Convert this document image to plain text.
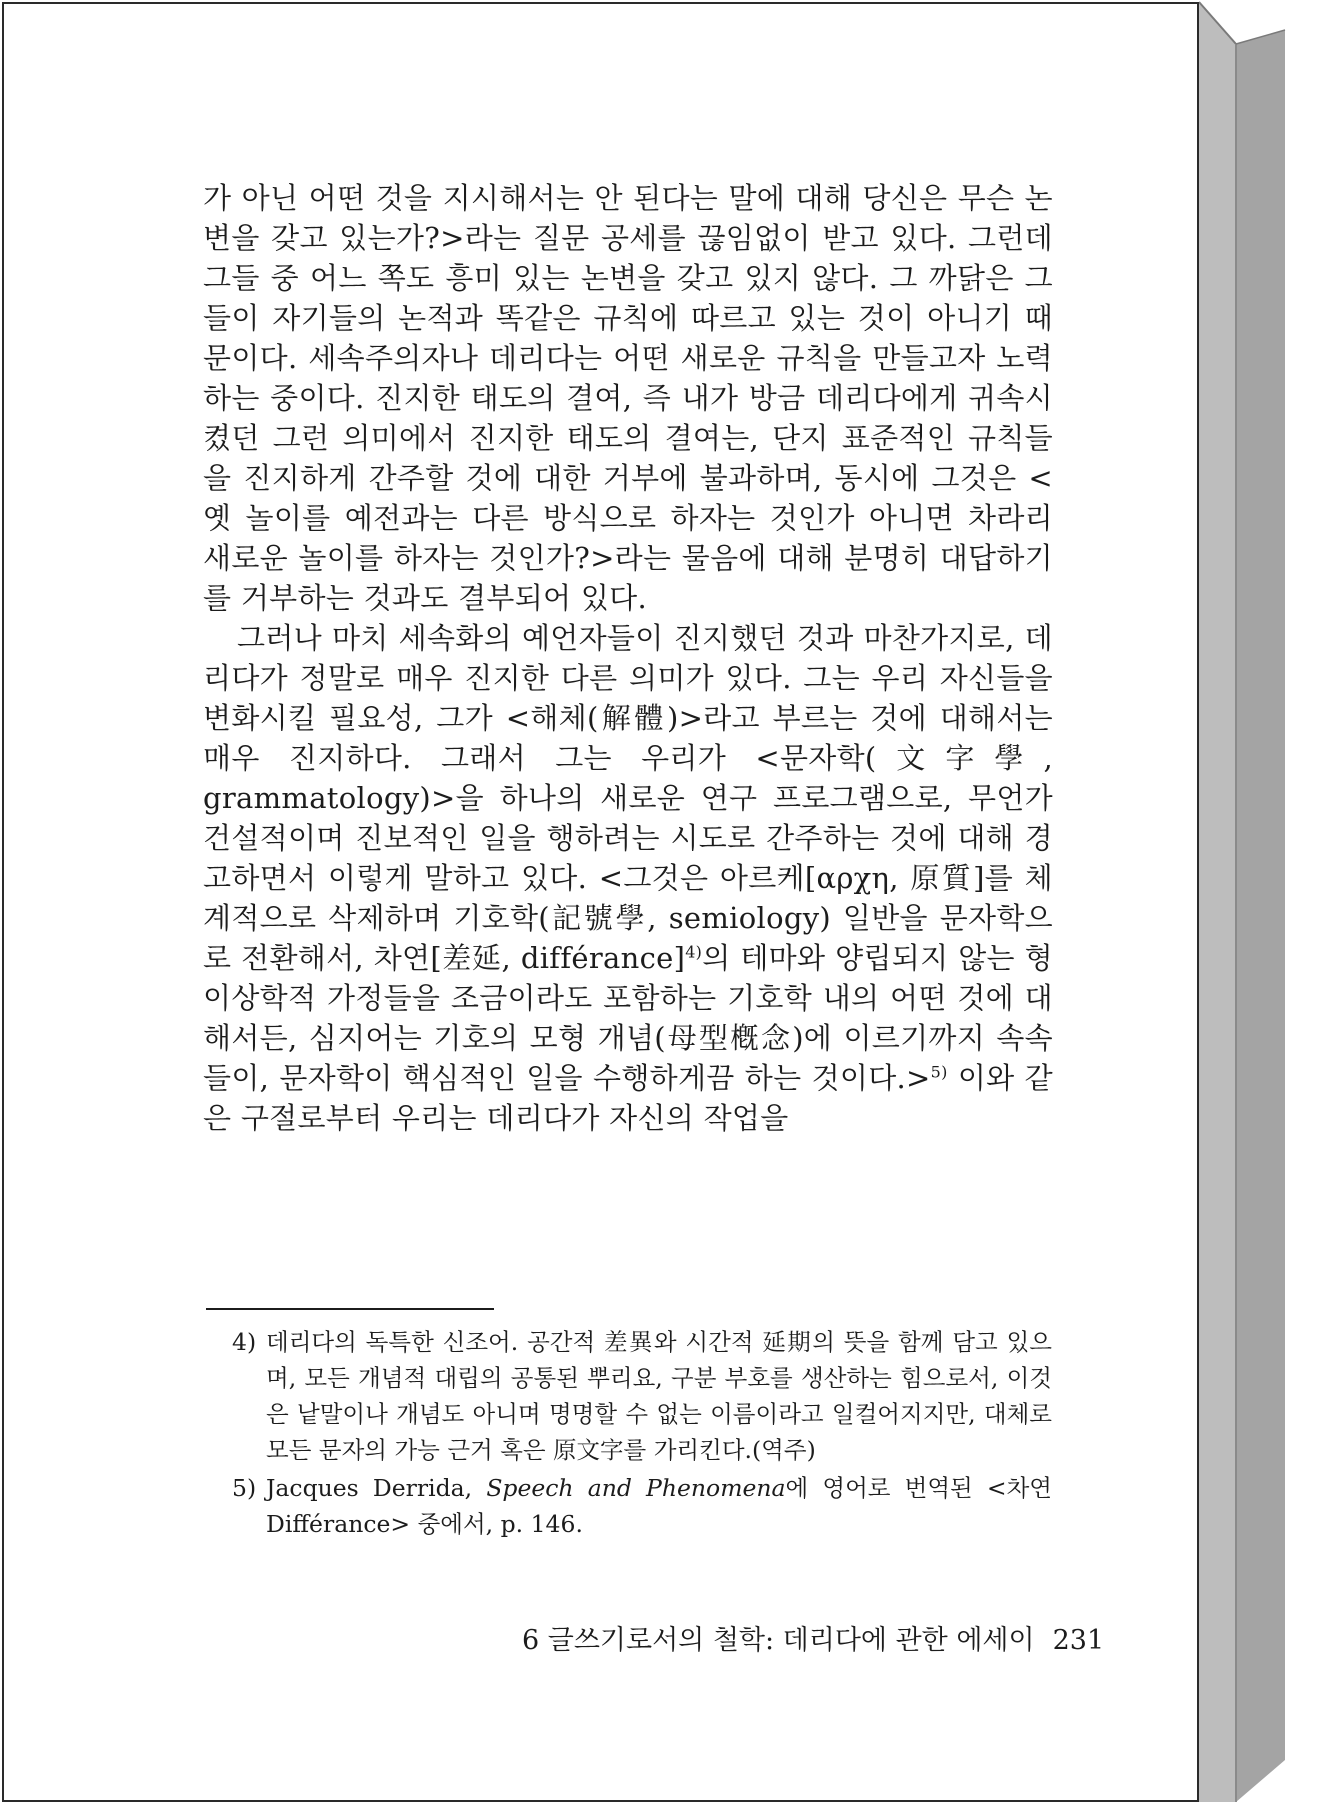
가 아닌 어떤 것을 지시해서는 안 된다는 말에 대해 당신은 무슨 논변을 갖고 있는가?>라는 질문 공세를 끊임없이 받고 있다. 그런데 그들 중 어느 쪽도 흥미 있는 논변을 갖고 있지 않다. 그 까닭은 그들이 자기들의 논적과 똑같은 규칙에 따르고 있는 것이 아니기 때문이다. 세속주의자나 데리다는 어떤 새로운 규칙을 만들고자 노력하는 중이다. 진지한 태도의 결여, 즉 내가 방금 데리다에게 귀속시켰던 그런 의미에서 진지한 태도의 결여는, 단지 표준적인 규칙들을 진지하게 간주할 것에 대한 거부에 불과하며, 동시에 그것은 <옛 놀이를 예전과는 다른 방식으로 하자는 것인가 아니면 차라리 새로운 놀이를 하자는 것인가?>라는 물음에 대해 분명히 대답하기를 거부하는 것과도 결부되어 있다.

그러나 마치 세속화의 예언자들이 진지했던 것과 마찬가지로, 데리다가 정말로 매우 진지한 다른 의미가 있다. 그는 우리 자신들을 변화시킬 필요성, 그가 <해체(解體)>라고 부르는 것에 대해서는 매우 진지하다. 그래서 그는 우리가 <문자학(文字學, grammatology)>을 하나의 새로운 연구 프로그램으로, 무언가 건설적이며 진보적인 일을 행하려는 시도로 간주하는 것에 대해 경고하면서 이렇게 말하고 있다. <그것은 아르케[αρχη, 原質]를 체계적으로 삭제하며 기호학(記號學, semiology) 일반을 문자학으로 전환해서, 차연[差延, différance]$^{4)}$의 테마와 양립되지 않는 형이상학적 가정들을 조금이라도 포함하는 기호학 내의 어떤 것에 대해서든, 심지어는 기호의 모형 개념(母型槪念)에 이르기까지 속속들이, 문자학이 핵심적인 일을 수행하게끔 하는 것이다.>$^{5)}$ 이와 같은 구절로부터 우리는 데리다가 자신의 작업을

4) 데리다의 독특한 신조어. 공간적 差異와 시간적 延期의 뜻을 함께 담고 있으며, 모든 개념적 대립의 공통된 뿌리요, 구분 부호를 생산하는 힘으로서, 이것은 낱말이나 개념도 아니며 명명할 수 없는 이름이라고 일컬어지지만, 대체로 모든 문자의 가능 근거 혹은 原文字를 가리킨다.(역주)
5) Jacques Derrida, Speech and Phenomena에 영어로 번역된 <차연Différance> 중에서, p. 146.
6 글쓰기로서의 철학: 데리다에 관한 에세이 231
